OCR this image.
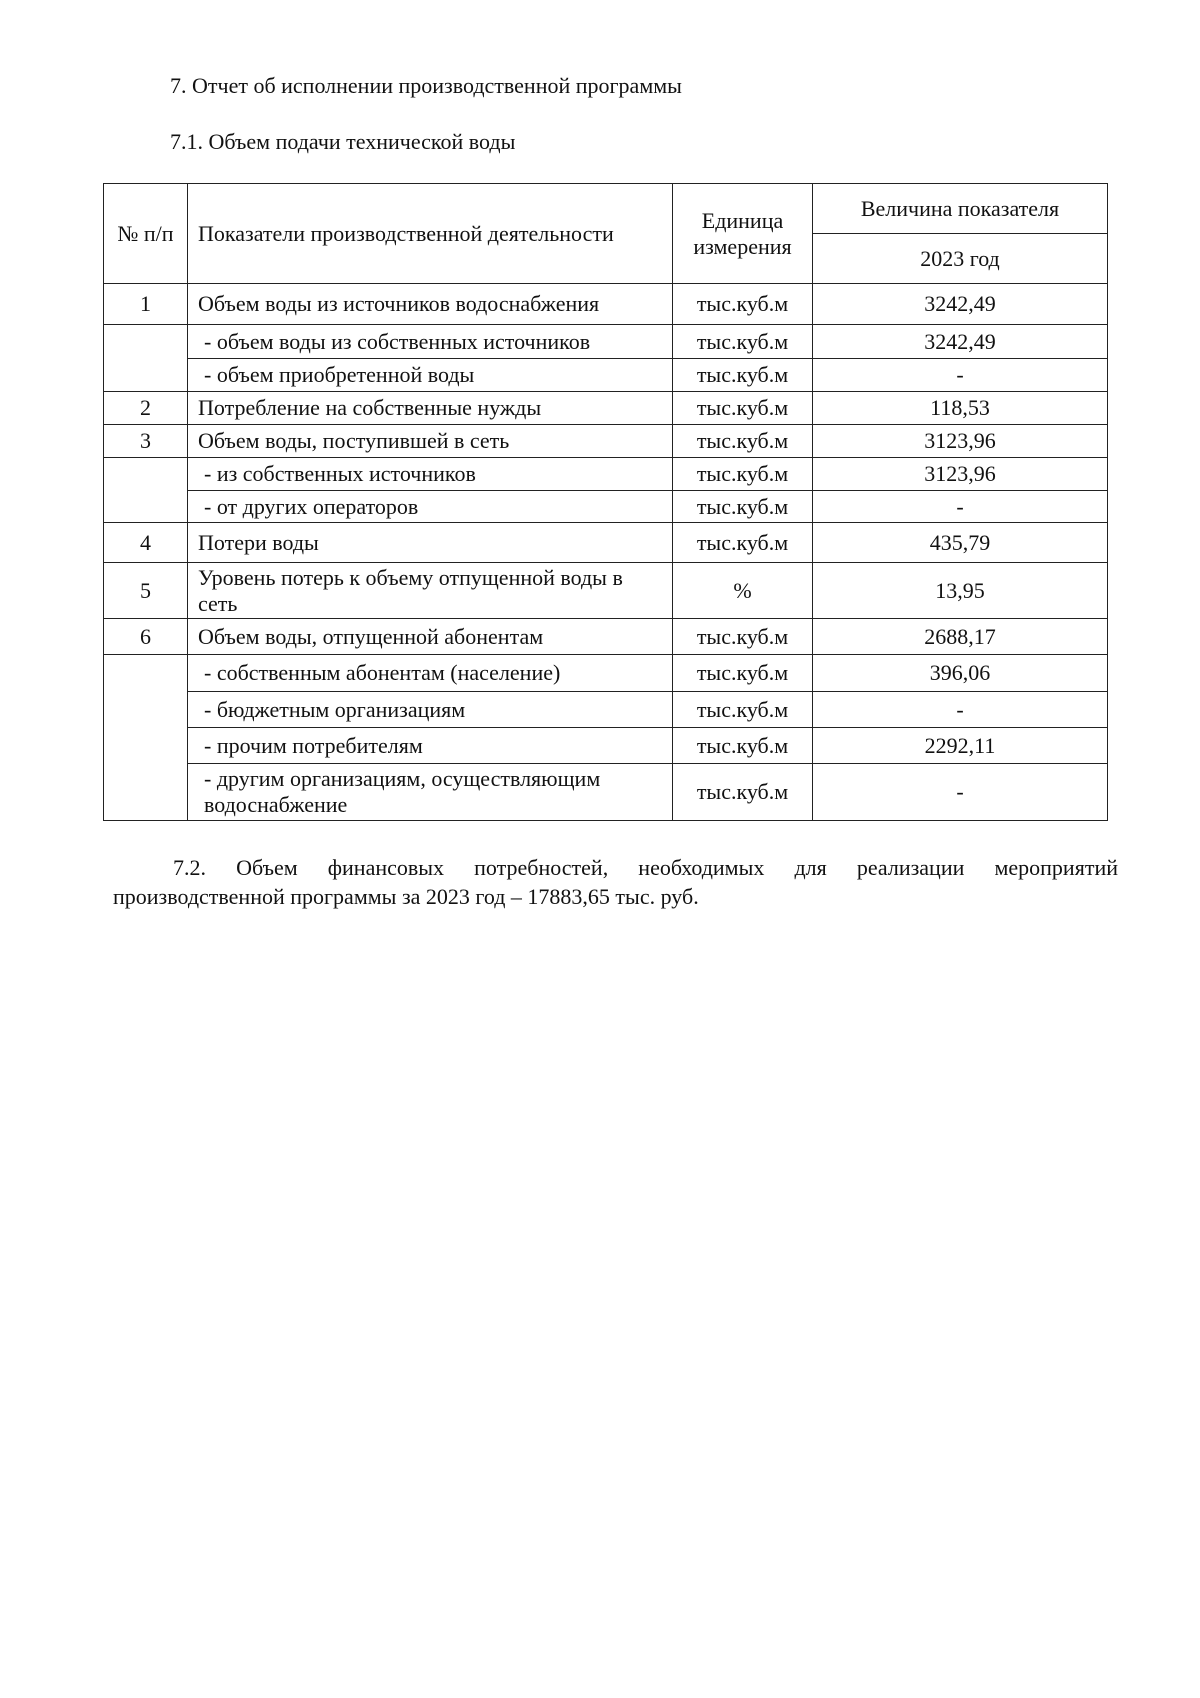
7. Отчет об исполнении производственной программы
7.1. Объем подачи технической воды
№ п/п	Показатели производственной деятельности	Единица измерения	Величина показателя
			2023 год
1	Объем воды из источников водоснабжения	тыс.куб.м	3242,49
	- объем воды из собственных источников	тыс.куб.м	3242,49
	- объем приобретенной воды	тыс.куб.м	-
2	Потребление на собственные нужды	тыс.куб.м	118,53
3	Объем воды, поступившей в сеть	тыс.куб.м	3123,96
	- из собственных источников	тыс.куб.м	3123,96
	- от других операторов	тыс.куб.м	-
4	Потери воды	тыс.куб.м	435,79
5	Уровень потерь к объему отпущенной воды в сеть	%	13,95
6	Объем воды, отпущенной абонентам	тыс.куб.м	2688,17
	- собственным абонентам (население)	тыс.куб.м	396,06
	- бюджетным организациям	тыс.куб.м	-
	- прочим потребителям	тыс.куб.м	2292,11
	- другим организациям, осуществляющим водоснабжение	тыс.куб.м	-
7.2. Объем финансовых потребностей, необходимых для реализации мероприятий производственной программы за 2023 год – 17883,65 тыс. руб.
